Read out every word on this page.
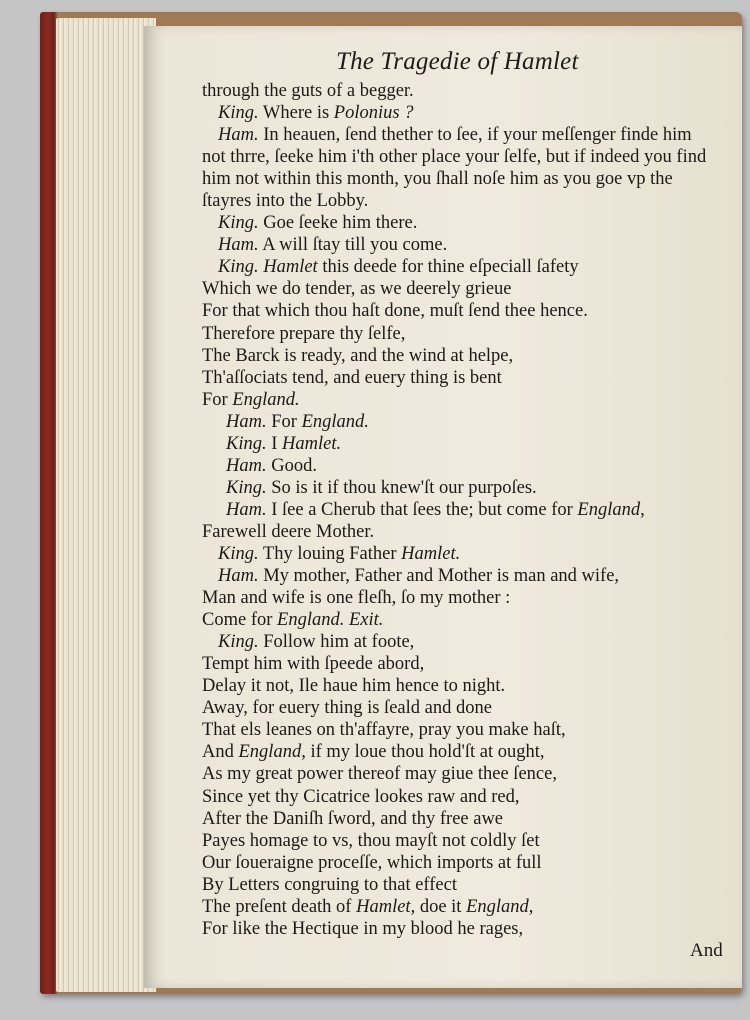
The Tragedie of Hamlet
through the guts of a begger.
King. Where is Polonius ?
Ham. In heauen, ſend thether to ſee, if your meſſenger finde him
not thrre, ſeeke him i'th other place your ſelfe, but if indeed you find
him not within this month, you ſhall noſe him as you goe vp the
ſtayres into the Lobby.
King. Goe ſeeke him there.
Ham. A will ſtay till you come.
King. Hamlet this deede for thine eſpeciall ſafety
Which we do tender, as we deerely grieue
For that which thou haſt done, muſt ſend thee hence.
Therefore prepare thy ſelfe,
The Barck is ready, and the wind at helpe,
Th'aſſociats tend, and euery thing is bent
For England.
Ham. For England.
King. I Hamlet.
Ham. Good.
King. So is it if thou knew'ſt our purpoſes.
Ham. I ſee a Cherub that ſees the; but come for England,
Farewell deere Mother.
King. Thy louing Father Hamlet.
Ham. My mother, Father and Mother is man and wife,
Man and wife is one fleſh, ſo my mother :
Come for England. Exit.
King. Follow him at foote,
Tempt him with ſpeede abord,
Delay it not, Ile haue him hence to night.
Away, for euery thing is ſeald and done
That els leanes on th'affayre, pray you make haſt,
And England, if my loue thou hold'ſt at ought,
As my great power thereof may giue thee ſence,
Since yet thy Cicatrice lookes raw and red,
After the Daniſh ſword, and thy free awe
Payes homage to vs, thou mayſt not coldly ſet
Our ſoueraigne proceſſe, which imports at full
By Letters congruing to that effect
The preſent death of Hamlet, doe it England,
For like the Hectique in my blood he rages,
And
